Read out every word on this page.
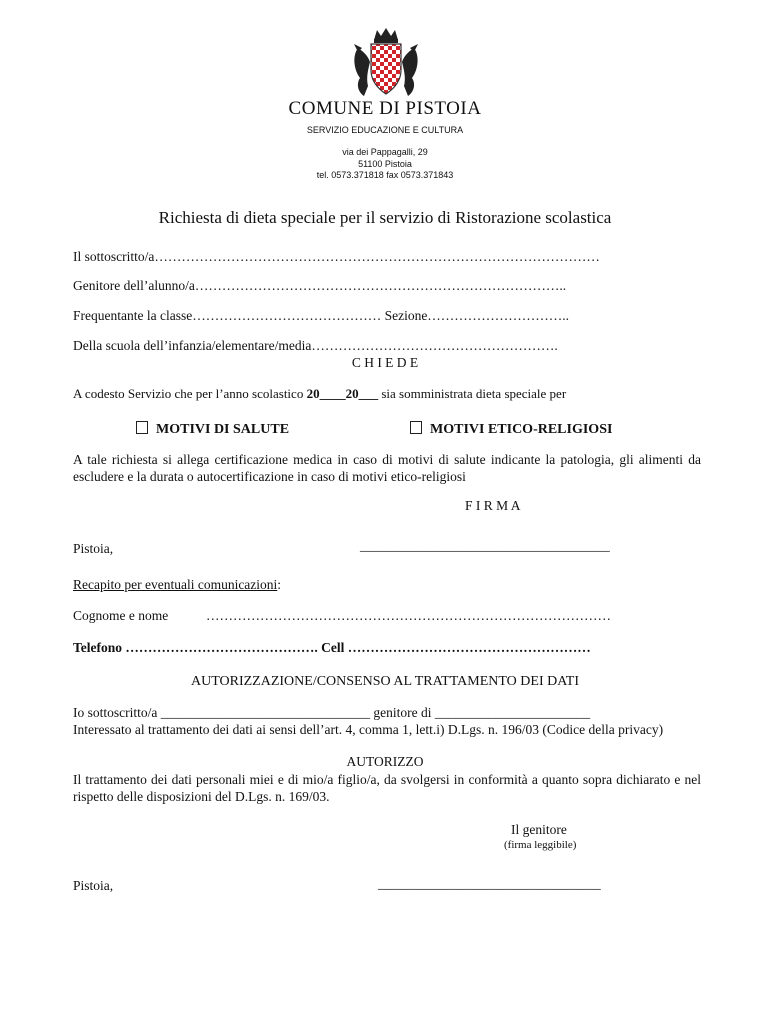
COMUNE DI PISTOIA
SERVIZIO EDUCAZIONE E CULTURA
via dei Pappagalli, 29
51100 Pistoia
tel. 0573.371818 fax 0573.371843
Richiesta di dieta speciale per il servizio di Ristorazione scolastica
Il sottoscritto/a………………………………………………………………………………………
Genitore dell’alunno/a………………………………………………………………………..
Frequentante la classe…………………………………… Sezione…………………………..
Della scuola dell’infanzia/elementare/media……………………………………………….
C H I E D E
A codesto Servizio che per l’anno scolastico 20____20___ sia somministrata dieta speciale per
MOTIVI DI SALUTE	MOTIVI ETICO-RELIGIOSI
A tale richiesta si allega certificazione medica in caso di motivi di salute indicante la patologia, gli alimenti da escludere e la durata o autocertificazione in caso di motivi etico-religiosi
F I R M A
Pistoia,	_____________________________________
Recapito per eventuali comunicazioni:
Cognome e nome	………………………………………………………………………………
Telefono ……………………………………. Cell ………………………………………………
AUTORIZZAZIONE/CONSENSO AL TRATTAMENTO DEI DATI
Io sottoscritto/a _______________________________ genitore di _______________________
Interessato al trattamento dei dati ai sensi dell’art. 4, comma 1, lett.i) D.Lgs. n. 196/03 (Codice della privacy)
AUTORIZZO
Il trattamento dei dati personali miei e di mio/a figlio/a, da svolgersi in conformità a quanto sopra dichiarato e nel rispetto delle disposizioni del D.Lgs. n. 169/03.
Il genitore
(firma leggibile)
Pistoia,	_________________________________
